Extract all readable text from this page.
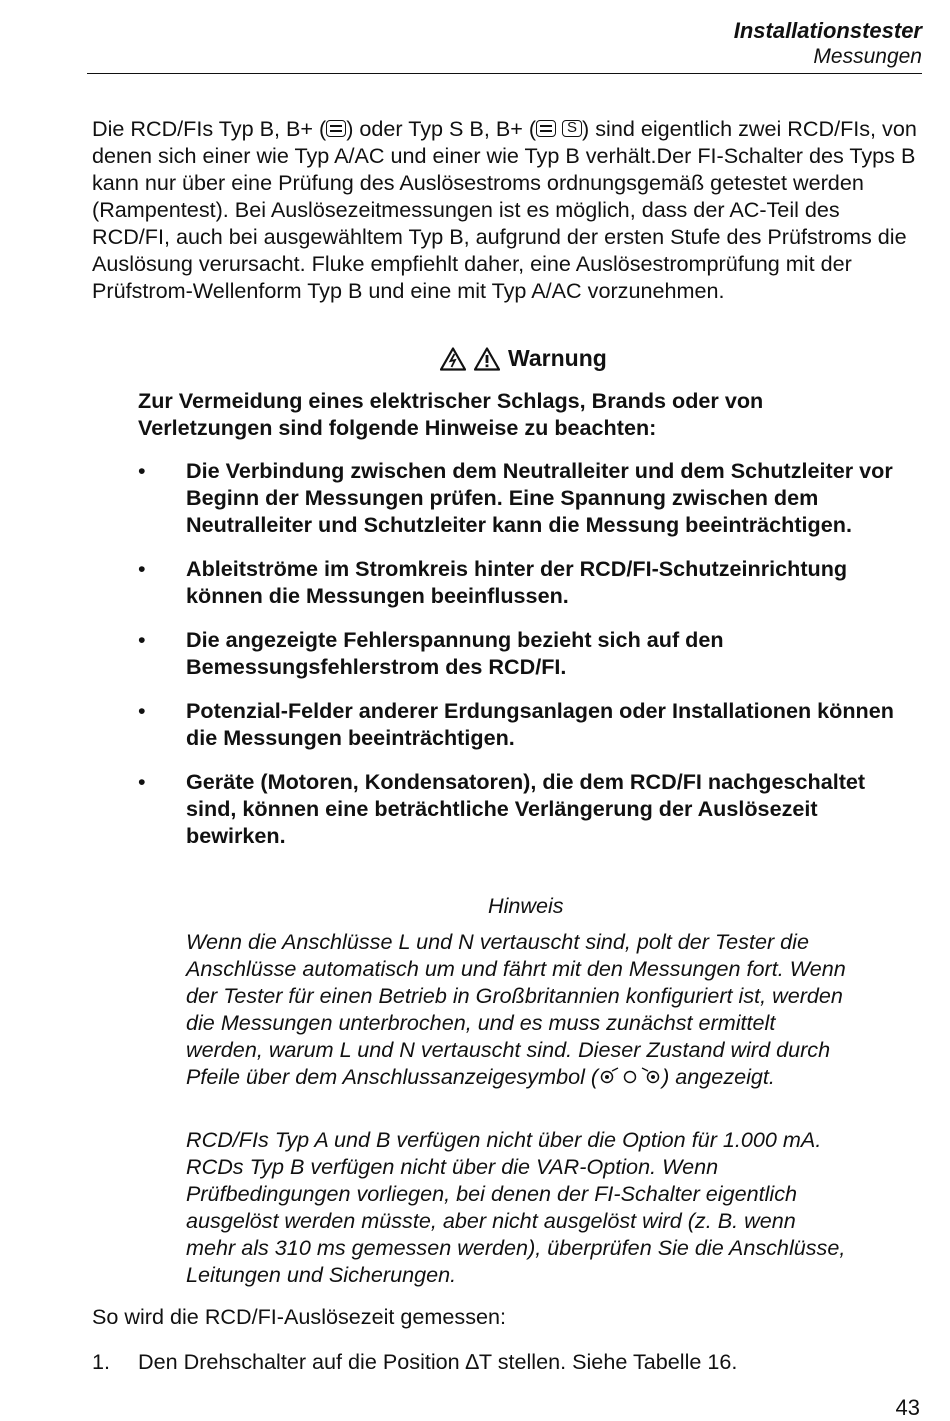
Installationstester
Messungen
Die RCD/FIs Typ B, B+ ( ) oder Typ S B, B+ ( S ) sind eigentlich zwei RCD/FIs, von denen sich einer wie Typ A/AC und einer wie Typ B verhält.Der FI-Schalter des Typs B kann nur über eine Prüfung des Auslösestroms ordnungsgemäß getestet werden (Rampentest). Bei Auslösezeitmessungen ist es möglich, dass der AC-Teil des RCD/FI, auch bei ausgewähltem Typ B, aufgrund der ersten Stufe des Prüfstroms die Auslösung verursacht. Fluke empfiehlt daher, eine Auslösestromprüfung mit der Prüfstrom-Wellenform Typ B und eine mit Typ A/AC vorzunehmen.
Warnung
Zur Vermeidung eines elektrischer Schlags, Brands oder von Verletzungen sind folgende Hinweise zu beachten:
• Die Verbindung zwischen dem Neutralleiter und dem Schutzleiter vor Beginn der Messungen prüfen. Eine Spannung zwischen dem Neutralleiter und Schutzleiter kann die Messung beeinträchtigen.
• Ableitströme im Stromkreis hinter der RCD/FI-Schutzeinrichtung können die Messungen beeinflussen.
• Die angezeigte Fehlerspannung bezieht sich auf den Bemessungsfehlerstrom des RCD/FI.
• Potenzial-Felder anderer Erdungsanlagen oder Installationen können die Messungen beeinträchtigen.
• Geräte (Motoren, Kondensatoren), die dem RCD/FI nachgeschaltet sind, können eine beträchtliche Verlängerung der Auslösezeit bewirken.
Hinweis
Wenn die Anschlüsse L und N vertauscht sind, polt der Tester die Anschlüsse automatisch um und fährt mit den Messungen fort. Wenn der Tester für einen Betrieb in Großbritannien konfiguriert ist, werden die Messungen unterbrochen, und es muss zunächst ermittelt werden, warum L und N vertauscht sind. Dieser Zustand wird durch Pfeile über dem Anschlussanzeigesymbol (	) angezeigt.
RCD/FIs Typ A und B verfügen nicht über die Option für 1.000 mA. RCDs Typ B verfügen nicht über die VAR-Option. Wenn Prüfbedingungen vorliegen, bei denen der FI-Schalter eigentlich ausgelöst werden müsste, aber nicht ausgelöst wird (z. B. wenn mehr als 310 ms gemessen werden), überprüfen Sie die Anschlüsse, Leitungen und Sicherungen.
So wird die RCD/FI-Auslösezeit gemessen:
1. Den Drehschalter auf die Position ∆T stellen. Siehe Tabelle 16.
43
